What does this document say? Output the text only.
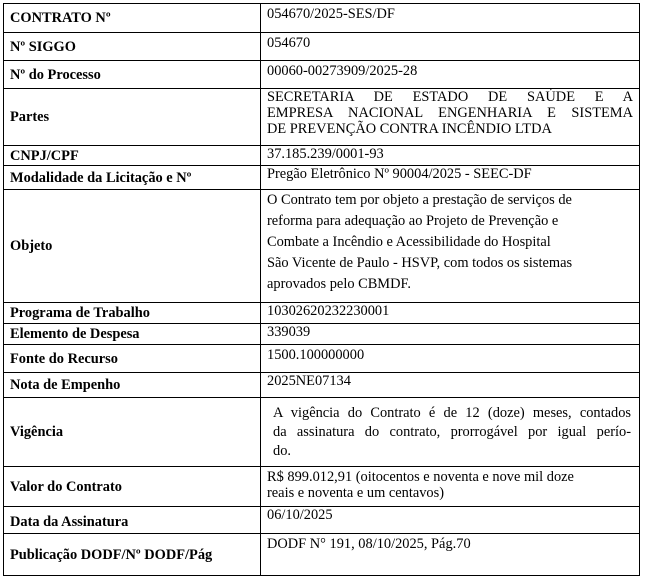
CONTRATO Nº	054670/2025-SES/DF
Nº SIGGO	054670
Nº do Processo	00060-00273909/2025-28
Partes	SECRETARIA DE ESTADO DE SAÚDE E A
EMPRESA NACIONAL ENGENHARIA E SISTEMA
DE PREVENÇÃO CONTRA INCÊNDIO LTDA

CNPJ/CPF	37.185.239/0001-93
Modalidade da Licitação e Nº	Pregão Eletrônico Nº 90004/2025 - SEEC-DF
Objeto	O Contrato tem por objeto a prestação de serviços de
reforma para adequação ao Projeto de Prevenção e
Combate a Incêndio e Acessibilidade do Hospital
São Vicente de Paulo - HSVP, com todos os sistemas
aprovados pelo CBMDF.

Programa de Trabalho	10302620232230001
Elemento de Despesa	339039
Fonte do Recurso	1500.100000000
Nota de Empenho	2025NE07134
Vigência	A vigência do Contrato é de 12 (doze) meses, contados
da assinatura do contrato, prorrogável por igual perío-
do.

Valor do Contrato	R$ 899.012,91 (oitocentos e noventa e nove mil doze
reais e noventa e um centavos)

Data da Assinatura	06/10/2025
Publicação DODF/Nº DODF/Pág	DODF N° 191, 08/10/2025, Pág.70
